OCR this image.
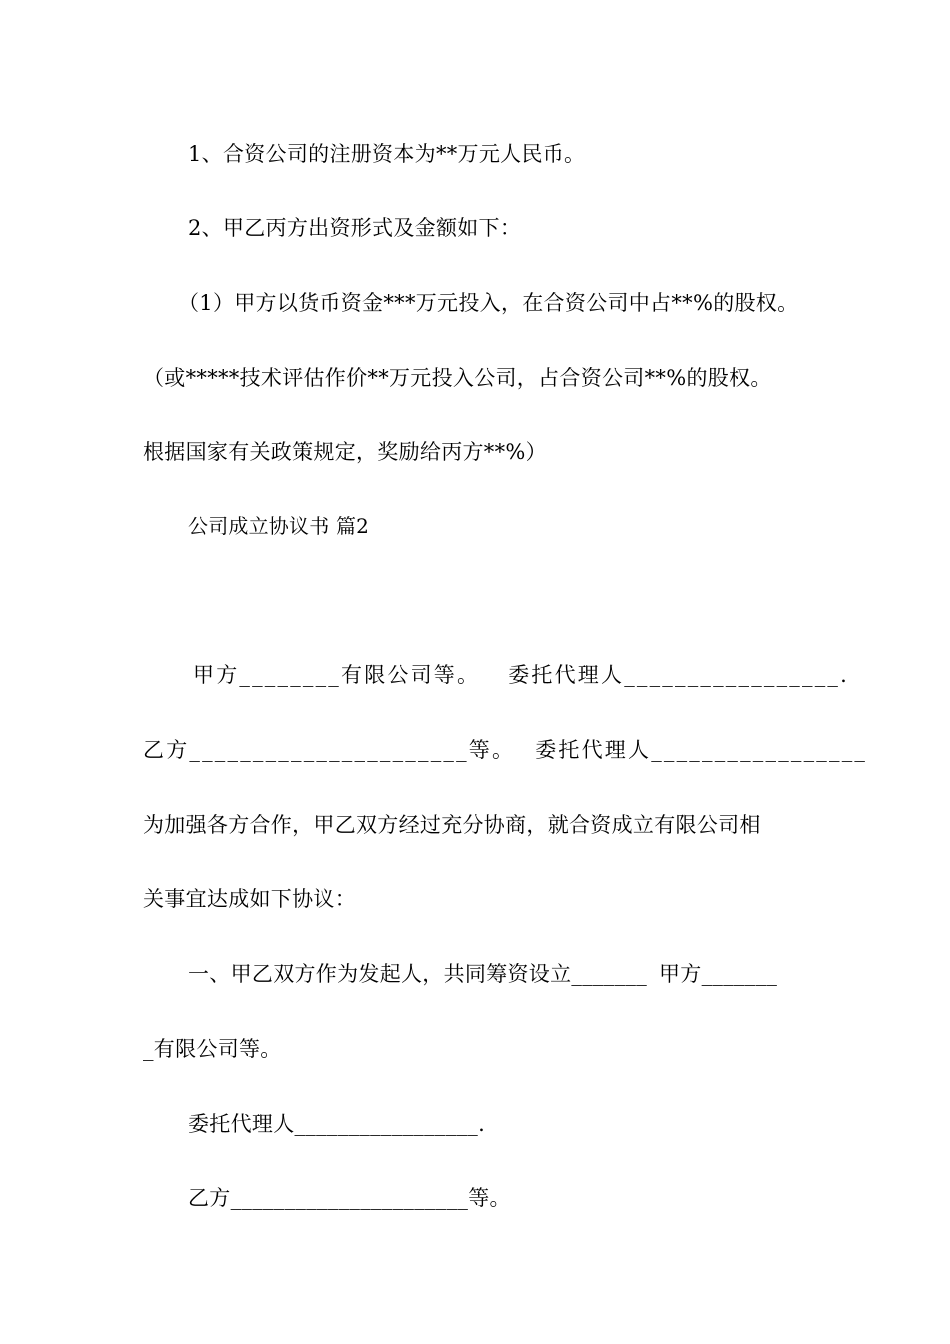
1、合资公司的注册资本为**万元人民币。
2、甲乙丙方出资形式及金额如下：
（1）甲方以货币资金***万元投入，在合资公司中占**%的股权。
（或*****技术评估作价**万元投入公司，占合资公司**%的股权。
根据国家有关政策规定，奖励给丙方**%）
公司成立协议书 篇2
甲方________有限公司等。 委托代理人_________________.
乙方______________________等。 委托代理人_________________
为加强各方合作，甲乙双方经过充分协商，就合资成立有限公司相
关事宜达成如下协议：
一、甲乙双方作为发起人，共同筹资设立_______ 甲方_______
_有限公司等。
委托代理人_________________.
乙方______________________等。
